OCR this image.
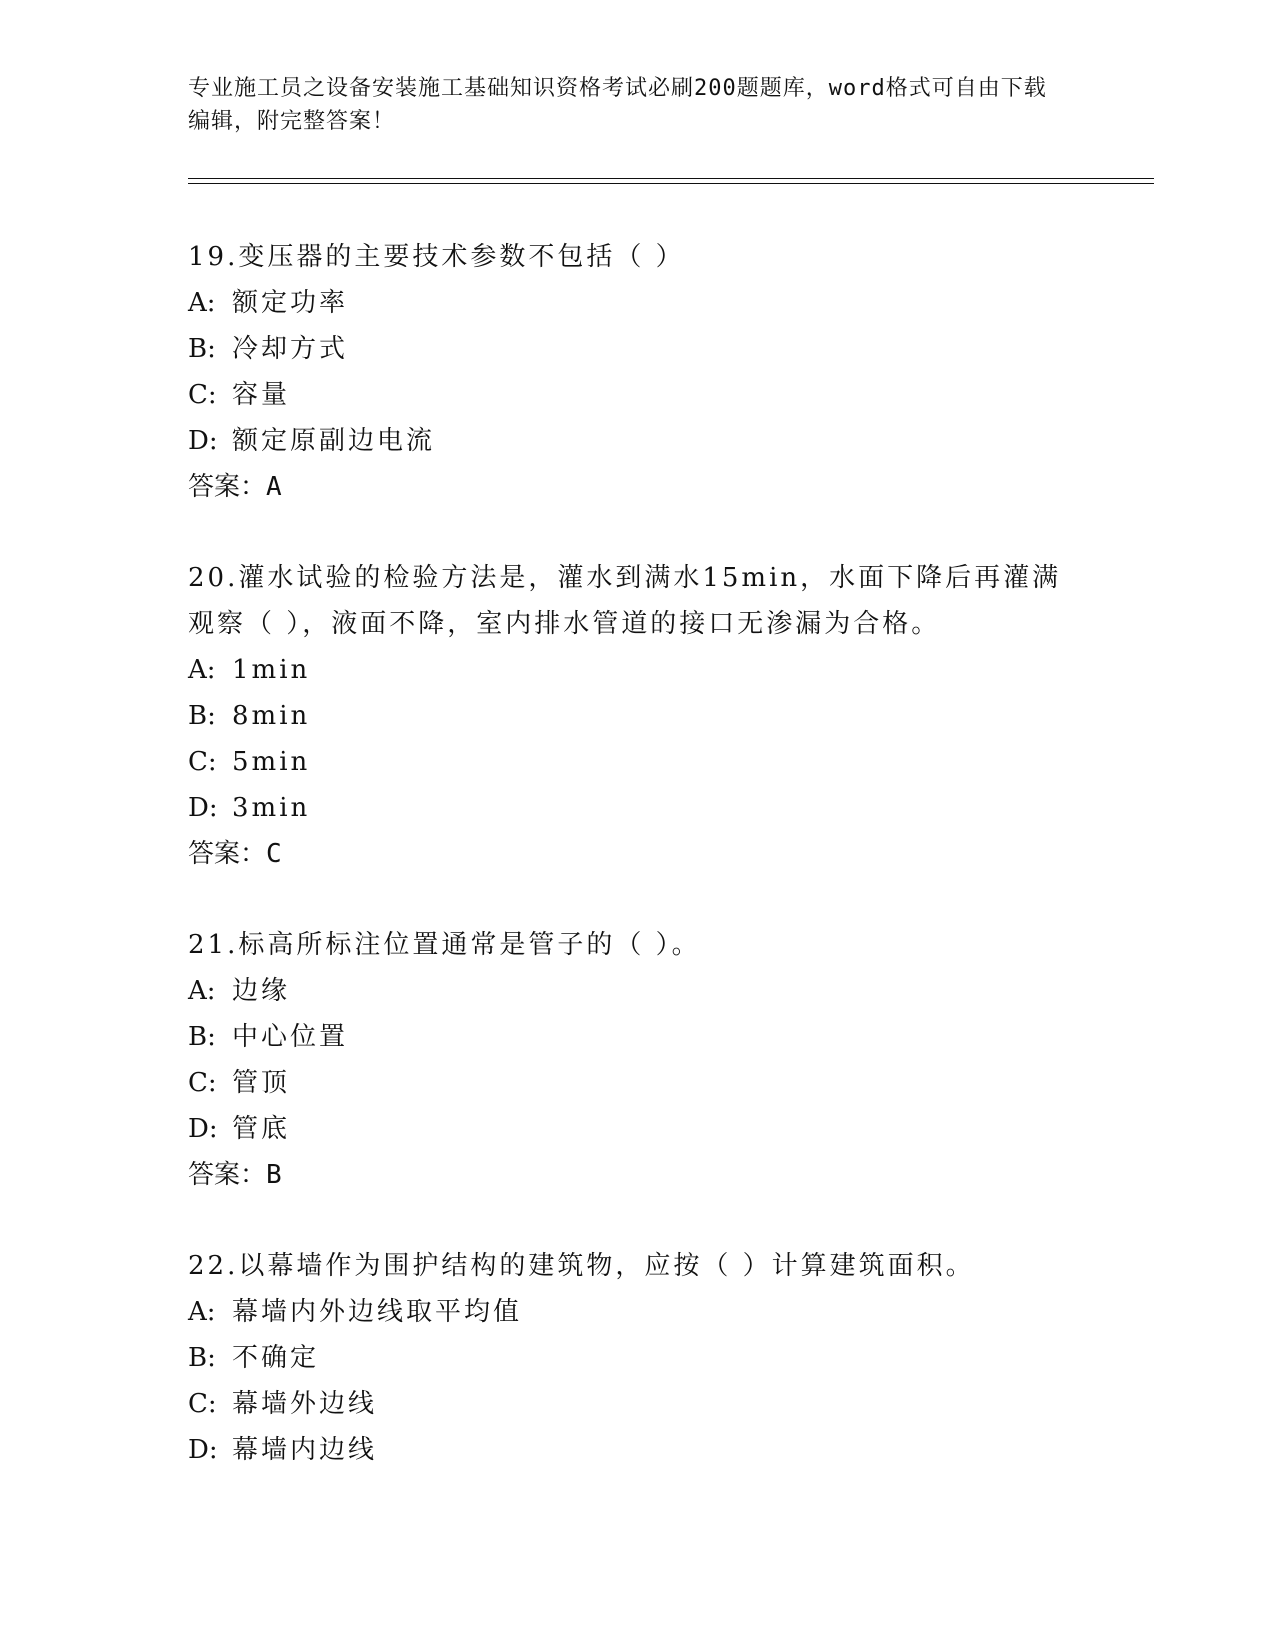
专业施工员之设备安装施工基础知识资格考试必刷200题题库，word格式可自由下载编辑，附完整答案！
19.变压器的主要技术参数不包括（ ）
A: 额定功率
B: 冷却方式
C: 容量
D: 额定原副边电流
答案：A
20.灌水试验的检验方法是，灌水到满水15min，水面下降后再灌满观察（ ），液面不降，室内排水管道的接口无渗漏为合格。
A: 1min
B: 8min
C: 5min
D: 3min
答案：C
21.标高所标注位置通常是管子的（ ）。
A: 边缘
B: 中心位置
C: 管顶
D: 管底
答案：B
22.以幕墙作为围护结构的建筑物，应按（ ）计算建筑面积。
A: 幕墙内外边线取平均值
B: 不确定
C: 幕墙外边线
D: 幕墙内边线
